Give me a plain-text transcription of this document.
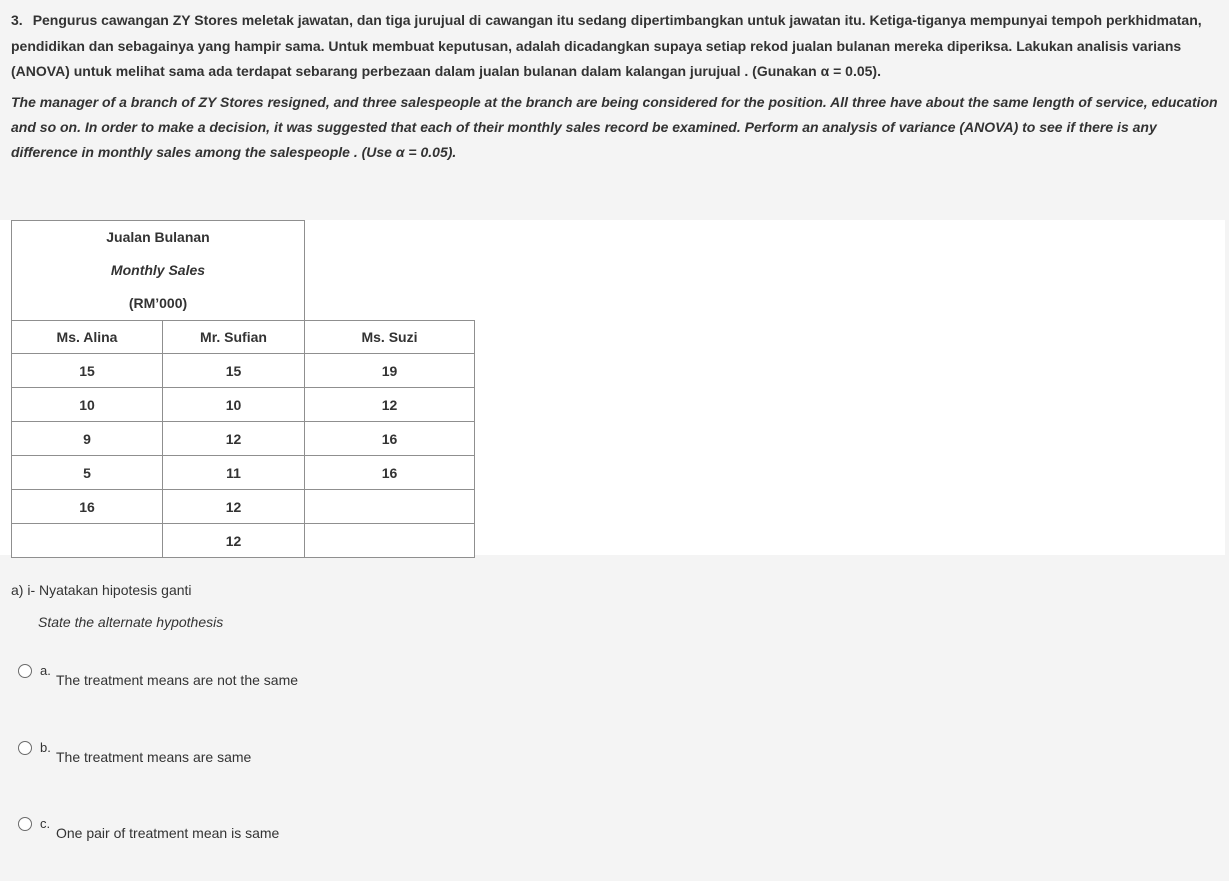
3. Pengurus cawangan ZY Stores meletak jawatan, dan tiga jurujual di cawangan itu sedang dipertimbangkan untuk jawatan itu. Ketiga-tiganya mempunyai tempoh perkhidmatan, pendidikan dan sebagainya yang hampir sama. Untuk membuat keputusan, adalah dicadangkan supaya setiap rekod jualan bulanan mereka diperiksa. Lakukan analisis varians (ANOVA) untuk melihat sama ada terdapat sebarang perbezaan dalam jualan bulanan dalam kalangan jurujual . (Gunakan α = 0.05).

The manager of a branch of ZY Stores resigned, and three salespeople at the branch are being considered for the position. All three have about the same length of service, education and so on. In order to make a decision, it was suggested that each of their monthly sales record be examined. Perform an analysis of variance (ANOVA) to see if there is any difference in monthly sales among the salespeople . (Use α = 0.05).

Jualan Bulanan
Monthly Sales
(RM’000)		

Ms. Alina	Mr. Sufian	Ms. Suzi
15	15	19
10	10	12
9	12	16
5	11	16
16	12	
	12	
a) i- Nyatakan hipotesis ganti
State the alternate hypothesis
a.
The treatment means are not the same
b.
The treatment means are same
c.
One pair of treatment mean is same
